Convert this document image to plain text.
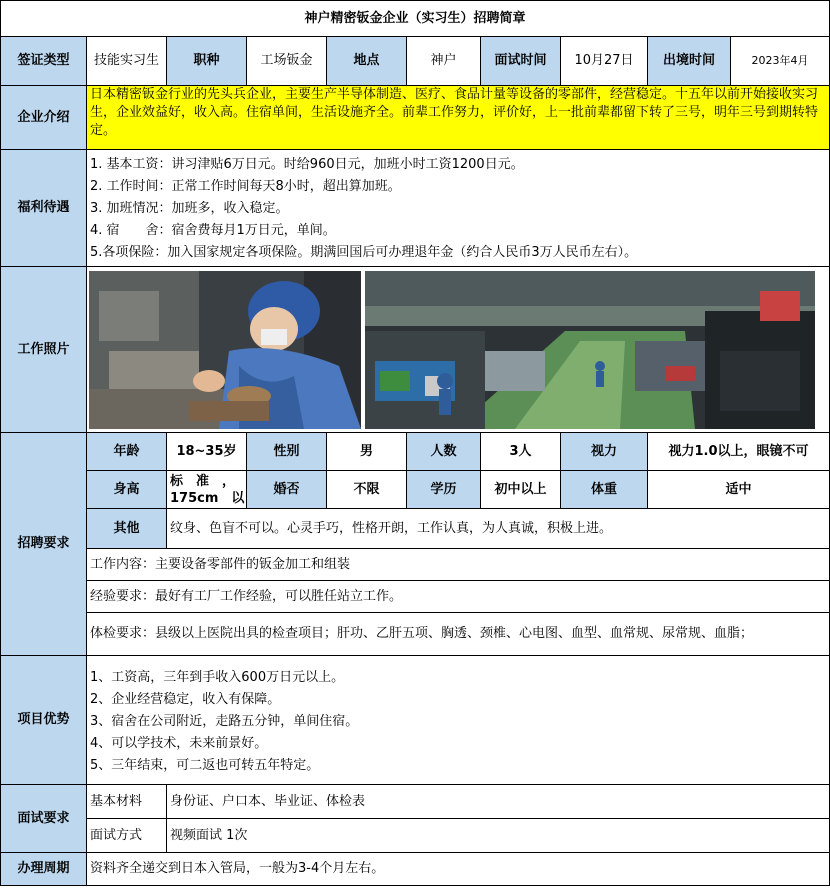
神户精密钣金企业（实习生）招聘简章								
签证类型	技能实习生	职种	工场钣金	地点	神户	面试时间	10月27日	出境时间 2023年4月

企业介绍	日本精密钣金行业的先头兵企业，主要生产半导体制造、医疗、食品计量等设备的零部件，经营稳定。十五年以前开始接收实习生，企业效益好，收入高。住宿单间，生活设施齐全。前辈工作努力，评价好，上一批前辈都留下转了三号，明年三号到期转特定。							
福利待遇	1. 基本工资：讲习津贴6万日元。时给960日元，加班小时工资1200日元。
2. 工作时间：正常工作时间每天8小时，超出算加班。
3. 加班情况：加班多，收入稳定。
4. 宿　　舍：宿舍费每月1万日元，单间。
5.各项保险：加入国家规定各项保险。期满回国后可办理退年金（约合人民币3万人民币左右）。							

工作照片	

招聘要求	年龄	18~35岁	性别	男	人数	3人	视力	视力1.0以上，眼镜不可
	身高	标　准　，
175cm　以	婚否	不限	学历	初中以上	体重	适中
	其他	纹身、色盲不可以。心灵手巧，性格开朗，工作认真，为人真诚，积极上进。						
	工作内容：主要设备零部件的钣金加工和组装							
	经验要求：最好有工厂工作经验，可以胜任站立工作。							
	体检要求：县级以上医院出具的检查项目；肝功、乙肝五项、胸透、颈椎、心电图、血型、血常规、尿常规、血脂；							
项目优势	1、工资高，三年到手收入600万日元以上。
2、企业经营稳定，收入有保障。
3、宿舍在公司附近，走路五分钟，单间住宿。
4、可以学技术，未来前景好。
5、三年结束，可二返也可转五年特定。							

面试要求	基本材料	身份证、户口本、毕业证、体检表						
	面试方式	视频面试 1次						
办理周期	资料齐全递交到日本入管局，一般为3-4个月左右。							
